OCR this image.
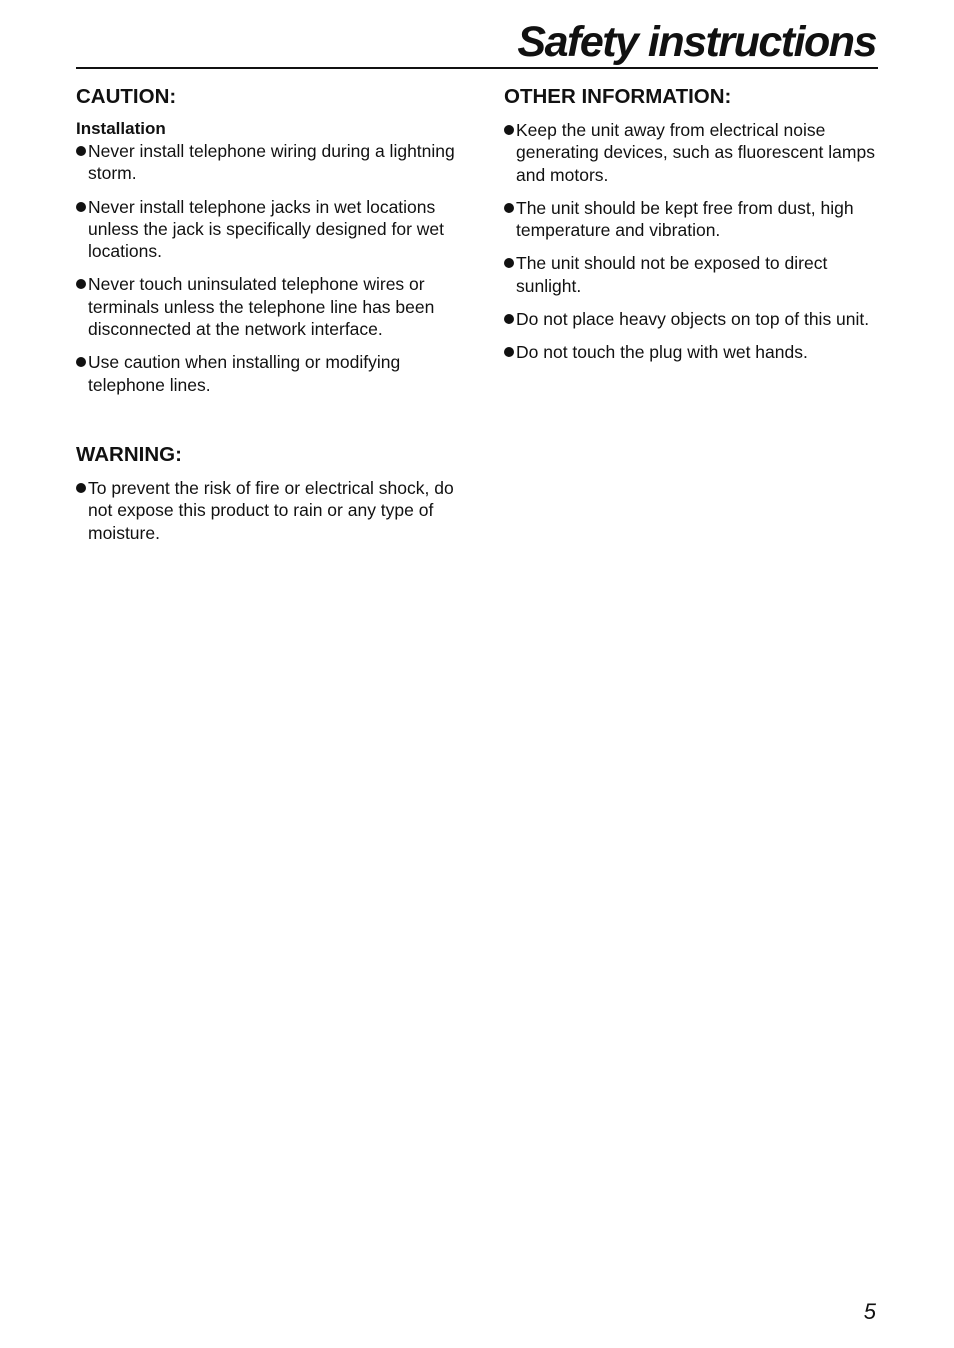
Safety instructions
CAUTION:
Installation
Never install telephone wiring during a lightning storm.
Never install telephone jacks in wet locations unless the jack is specifically designed for wet locations.
Never touch uninsulated telephone wires or terminals unless the telephone line has been disconnected at the network interface.
Use caution when installing or modifying telephone lines.
WARNING:
To prevent the risk of fire or electrical shock, do not expose this product to rain or any type of moisture.
OTHER INFORMATION:
Keep the unit away from electrical noise generating devices, such as fluorescent lamps and motors.
The unit should be kept free from dust, high temperature and vibration.
The unit should not be exposed to direct sunlight.
Do not place heavy objects on top of this unit.
Do not touch the plug with wet hands.
5
